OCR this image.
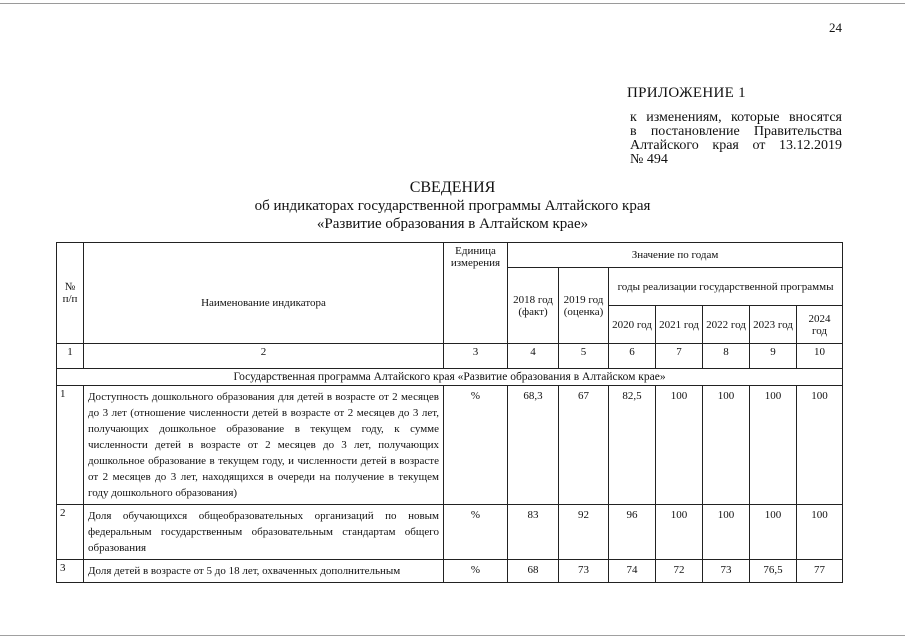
24
ПРИЛОЖЕНИЕ 1
к изменениям, которые вносятся
в постановление Правительства
Алтайского края от 13.12.2019
№ 494
СВЕДЕНИЯ
об индикаторах государственной программы Алтайского края
«Развитие образования в Алтайском крае»
№ п/п	Наименование индикатора	Единица измерения	Значение по годам						
			2018 год (факт)	2019 год (оценка)	годы реализации государственной программы				
					2020 год	2021 год	2022 год	2023 год	2024 год
1	2	3	4	5	6	7	8	9	10
Государственная программа Алтайского края «Развитие образования в Алтайском крае»									
1	Доступность дошкольного образования для детей в возрасте от 2 месяцев до 3 лет (отношение численности детей в возрасте от 2 месяцев до 3 лет, получающих дошкольное образование в текущем году, к сумме численности детей в возрасте от 2 месяцев до 3 лет, получающих дошкольное образование в текущем году, и численности детей в возрасте от 2 месяцев до 3 лет, находящихся в очереди на получение в текущем году дошкольного образования)	%	68,3	67	82,5	100	100	100	100
2	Доля обучающихся общеобразовательных организаций по новым федеральным государственным образовательным стандартам общего образования	%	83	92	96	100	100	100	100
3	Доля детей в возрасте от 5 до 18 лет, охваченных дополнительным	%	68	73	74	72	73	76,5	77
